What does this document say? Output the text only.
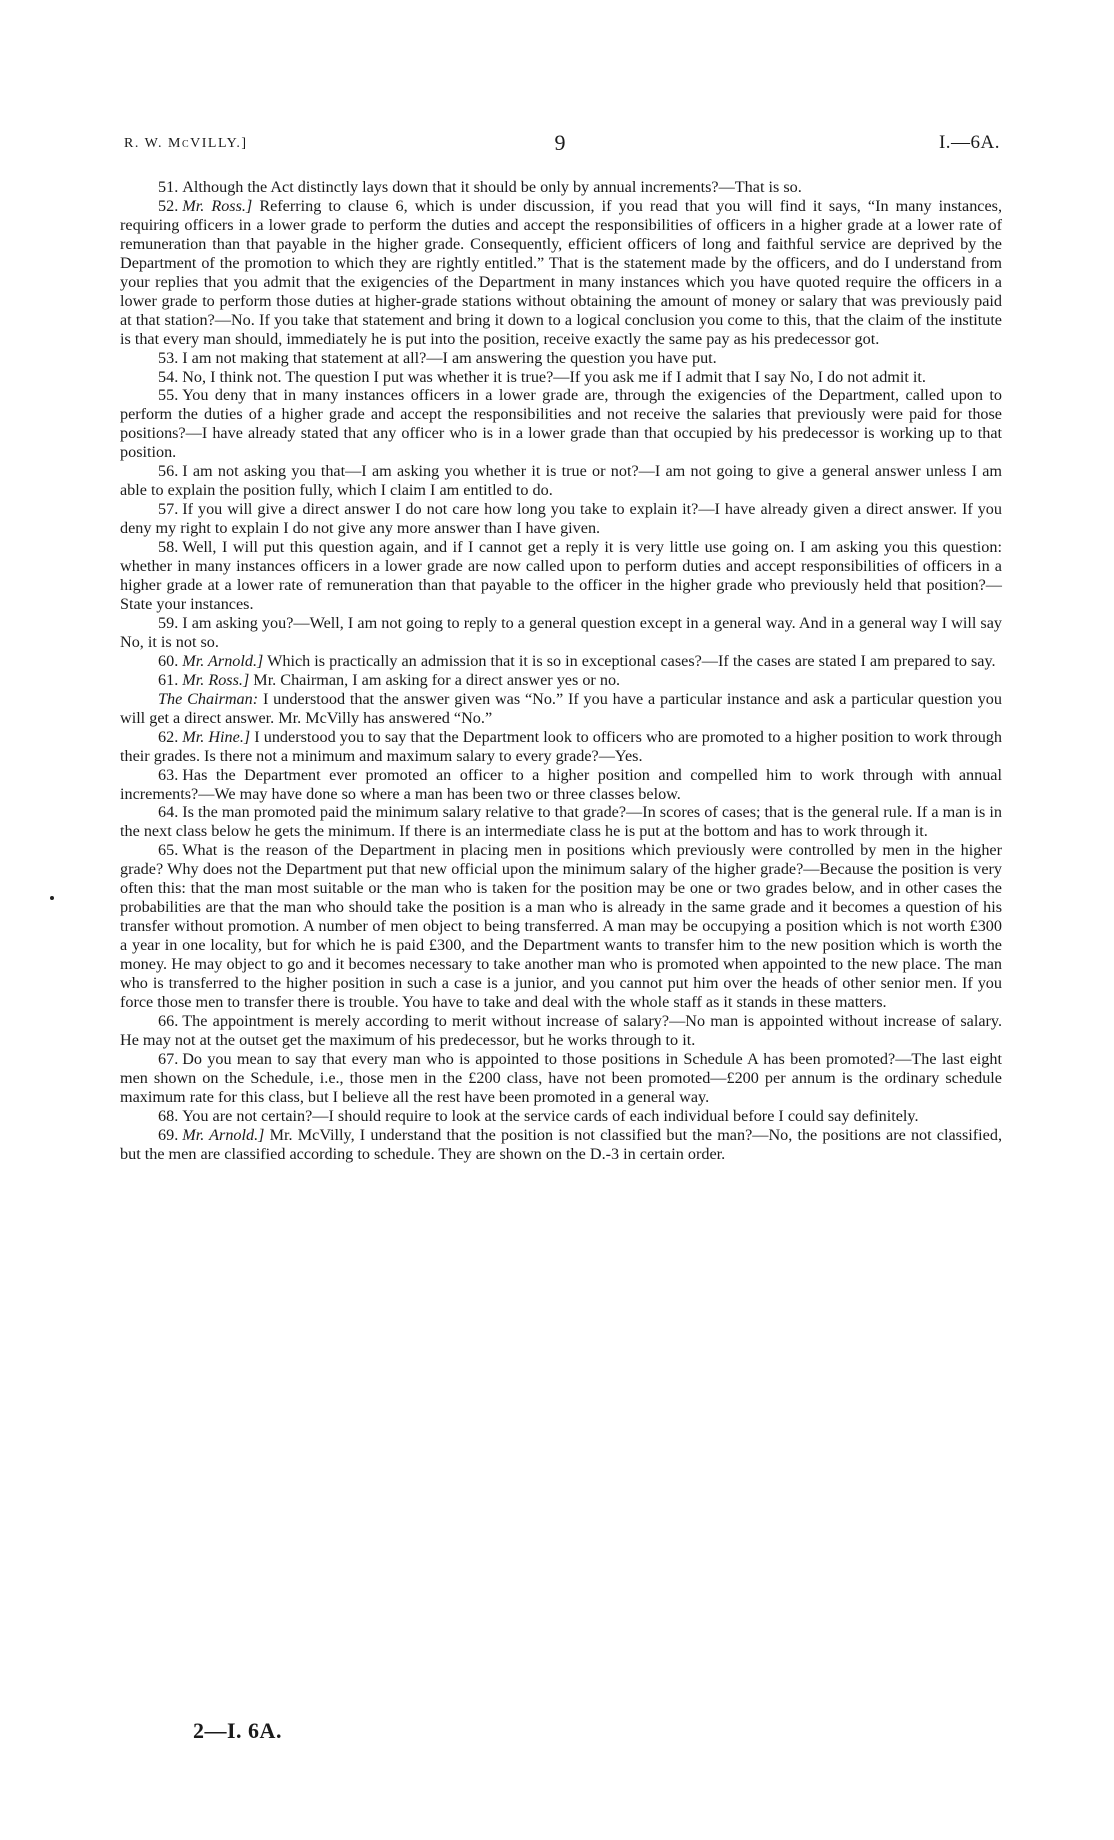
R. W. McVILLY.]	9	I.—6A.

51. Although the Act distinctly lays down that it should be only by annual increments?—That is so.

52. Mr. Ross.] Referring to clause 6, which is under discussion, if you read that you will find it says, “In many instances, requiring officers in a lower grade to perform the duties and accept the responsibilities of officers in a higher grade at a lower rate of remuneration than that payable in the higher grade. Consequently, efficient officers of long and faithful service are deprived by the Department of the promotion to which they are rightly entitled.” That is the statement made by the officers, and do I understand from your replies that you admit that the exigencies of the Department in many instances which you have quoted require the officers in a lower grade to perform those duties at higher-grade stations without obtaining the amount of money or salary that was previously paid at that station?—No. If you take that statement and bring it down to a logical conclusion you come to this, that the claim of the institute is that every man should, immediately he is put into the position, receive exactly the same pay as his predecessor got.

53. I am not making that statement at all?—I am answering the question you have put.

54. No, I think not. The question I put was whether it is true?—If you ask me if I admit that I say No, I do not admit it.

55. You deny that in many instances officers in a lower grade are, through the exigencies of the Department, called upon to perform the duties of a higher grade and accept the responsibilities and not receive the salaries that previously were paid for those positions?—I have already stated that any officer who is in a lower grade than that occupied by his predecessor is working up to that position.

56. I am not asking you that—I am asking you whether it is true or not?—I am not going to give a general answer unless I am able to explain the position fully, which I claim I am entitled to do.

57. If you will give a direct answer I do not care how long you take to explain it?—I have already given a direct answer. If you deny my right to explain I do not give any more answer than I have given.

58. Well, I will put this question again, and if I cannot get a reply it is very little use going on. I am asking you this question: whether in many instances officers in a lower grade are now called upon to perform duties and accept responsibilities of officers in a higher grade at a lower rate of remuneration than that payable to the officer in the higher grade who previously held that position?—State your instances.

59. I am asking you?—Well, I am not going to reply to a general question except in a general way. And in a general way I will say No, it is not so.

60. Mr. Arnold.] Which is practically an admission that it is so in exceptional cases?—If the cases are stated I am prepared to say.

61. Mr. Ross.] Mr. Chairman, I am asking for a direct answer yes or no.

The Chairman: I understood that the answer given was “No.” If you have a particular instance and ask a particular question you will get a direct answer. Mr. McVilly has answered “No.”

62. Mr. Hine.] I understood you to say that the Department look to officers who are promoted to a higher position to work through their grades. Is there not a minimum and maximum salary to every grade?—Yes.

63. Has the Department ever promoted an officer to a higher position and compelled him to work through with annual increments?—We may have done so where a man has been two or three classes below.

64. Is the man promoted paid the minimum salary relative to that grade?—In scores of cases; that is the general rule. If a man is in the next class below he gets the minimum. If there is an intermediate class he is put at the bottom and has to work through it.

65. What is the reason of the Department in placing men in positions which previously were controlled by men in the higher grade? Why does not the Department put that new official upon the minimum salary of the higher grade?—Because the position is very often this: that the man most suitable or the man who is taken for the position may be one or two grades below, and in other cases the probabilities are that the man who should take the position is a man who is already in the same grade and it becomes a question of his transfer without promotion. A number of men object to being transferred. A man may be occupying a position which is not worth £300 a year in one locality, but for which he is paid £300, and the Department wants to transfer him to the new position which is worth the money. He may object to go and it becomes necessary to take another man who is promoted when appointed to the new place. The man who is transferred to the higher position in such a case is a junior, and you cannot put him over the heads of other senior men. If you force those men to transfer there is trouble. You have to take and deal with the whole staff as it stands in these matters.

66. The appointment is merely according to merit without increase of salary?—No man is appointed without increase of salary. He may not at the outset get the maximum of his predecessor, but he works through to it.

67. Do you mean to say that every man who is appointed to those positions in Schedule A has been promoted?—The last eight men shown on the Schedule, i.e., those men in the £200 class, have not been promoted—£200 per annum is the ordinary schedule maximum rate for this class, but I believe all the rest have been promoted in a general way.

68. You are not certain?—I should require to look at the service cards of each individual before I could say definitely.

69. Mr. Arnold.] Mr. McVilly, I understand that the position is not classified but the man?—No, the positions are not classified, but the men are classified according to schedule. They are shown on the D.-3 in certain order.

2—I. 6A.
